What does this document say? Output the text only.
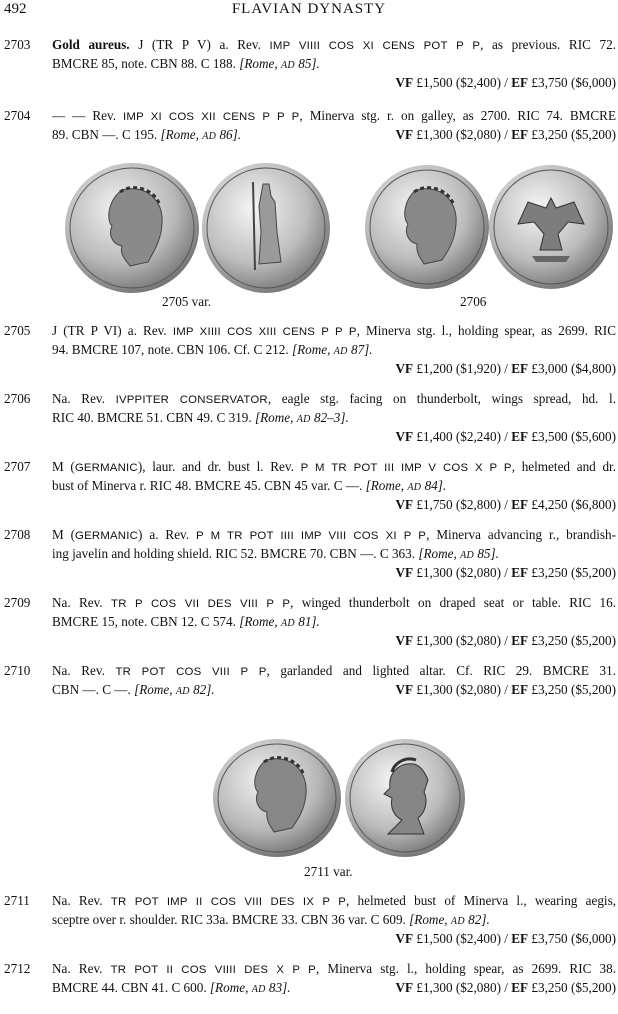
492	FLAVIAN DYNASTY
2703	Gold aureus. J (TR P V) a. Rev. IMP VIIII COS XI CENS POT P P, as previous. RIC 72.
BMCRE 85, note. CBN 88. C 188. [Rome, AD 85].
VF £1,500 ($2,400) / EF £3,750 ($6,000)
2704	— — Rev. IMP XI COS XII CENS P P P, Minerva stg. r. on galley, as 2700. RIC 74. BMCRE
89. CBN —. C 195. [Rome, AD 86].	VF £1,300 ($2,080) / EF £3,250 ($5,200)
2705 var.	2706
2705	J (TR P VI) a. Rev. IMP XIIII COS XIII CENS P P P, Minerva stg. l., holding spear, as 2699. RIC
94. BMCRE 107, note. CBN 106. Cf. C 212. [Rome, AD 87].
VF £1,200 ($1,920) / EF £3,000 ($4,800)
2706	Na. Rev. IVPPITER CONSERVATOR, eagle stg. facing on thunderbolt, wings spread, hd. l.
RIC 40. BMCRE 51. CBN 49. C 319. [Rome, AD 82–3].
VF £1,400 ($2,240) / EF £3,500 ($5,600)
2707	M (GERMANIC), laur. and dr. bust l. Rev. P M TR POT III IMP V COS X P P, helmeted and dr.
bust of Minerva r. RIC 48. BMCRE 45. CBN 45 var. C —. [Rome, AD 84].
VF £1,750 ($2,800) / EF £4,250 ($6,800)
2708	M (GERMANIC) a. Rev. P M TR POT IIII IMP VIII COS XI P P, Minerva advancing r., brandish-
ing javelin and holding shield. RIC 52. BMCRE 70. CBN —. C 363. [Rome, AD 85].
VF £1,300 ($2,080) / EF £3,250 ($5,200)
2709	Na. Rev. TR P COS VII DES VIII P P, winged thunderbolt on draped seat or table. RIC 16.
BMCRE 15, note. CBN 12. C 574. [Rome, AD 81].
VF £1,300 ($2,080) / EF £3,250 ($5,200)
2710	Na. Rev. TR POT COS VIII P P, garlanded and lighted altar. Cf. RIC 29. BMCRE 31.
CBN —. C —. [Rome, AD 82].	VF £1,300 ($2,080) / EF £3,250 ($5,200)
2711 var.
2711	Na. Rev. TR POT IMP II COS VIII DES IX P P, helmeted bust of Minerva l., wearing aegis,
sceptre over r. shoulder. RIC 33a. BMCRE 33. CBN 36 var. C 609. [Rome, AD 82].
VF £1,500 ($2,400) / EF £3,750 ($6,000)
2712	Na. Rev. TR POT II COS VIIII DES X P P, Minerva stg. l., holding spear, as 2699. RIC 38.
BMCRE 44. CBN 41. C 600. [Rome, AD 83].	VF £1,300 ($2,080) / EF £3,250 ($5,200)
